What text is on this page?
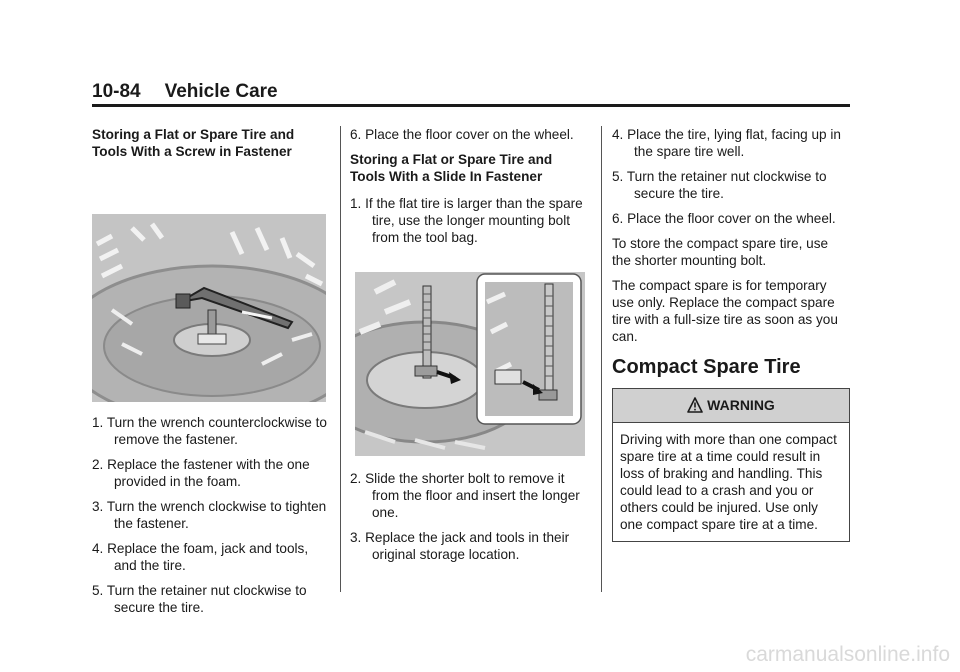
10-84 Vehicle Care

Storing a Flat or Spare Tire and Tools With a Screw in Fastener

1. Turn the wrench counterclockwise to remove the fastener.

2. Replace the fastener with the one provided in the foam.

3. Turn the wrench clockwise to tighten the fastener.

4. Replace the foam, jack and tools, and the tire.

5. Turn the retainer nut clockwise to secure the tire.

6. Place the floor cover on the wheel.

Storing a Flat or Spare Tire and Tools With a Slide In Fastener

1. If the flat tire is larger than the spare tire, use the longer mounting bolt from the tool bag.

2. Slide the shorter bolt to remove it from the floor and insert the longer one.

3. Replace the jack and tools in their original storage location.

4. Place the tire, lying flat, facing up in the spare tire well.

5. Turn the retainer nut clockwise to secure the tire.

6. Place the floor cover on the wheel.

To store the compact spare tire, use the shorter mounting bolt.

The compact spare is for temporary use only. Replace the compact spare tire with a full-size tire as soon as you can.

Compact Spare Tire
WARNING
Driving with more than one compact spare tire at a time could result in loss of braking and handling. This could lead to a crash and you or others could be injured. Use only one compact spare tire at a time.
carmanualsonline.info
